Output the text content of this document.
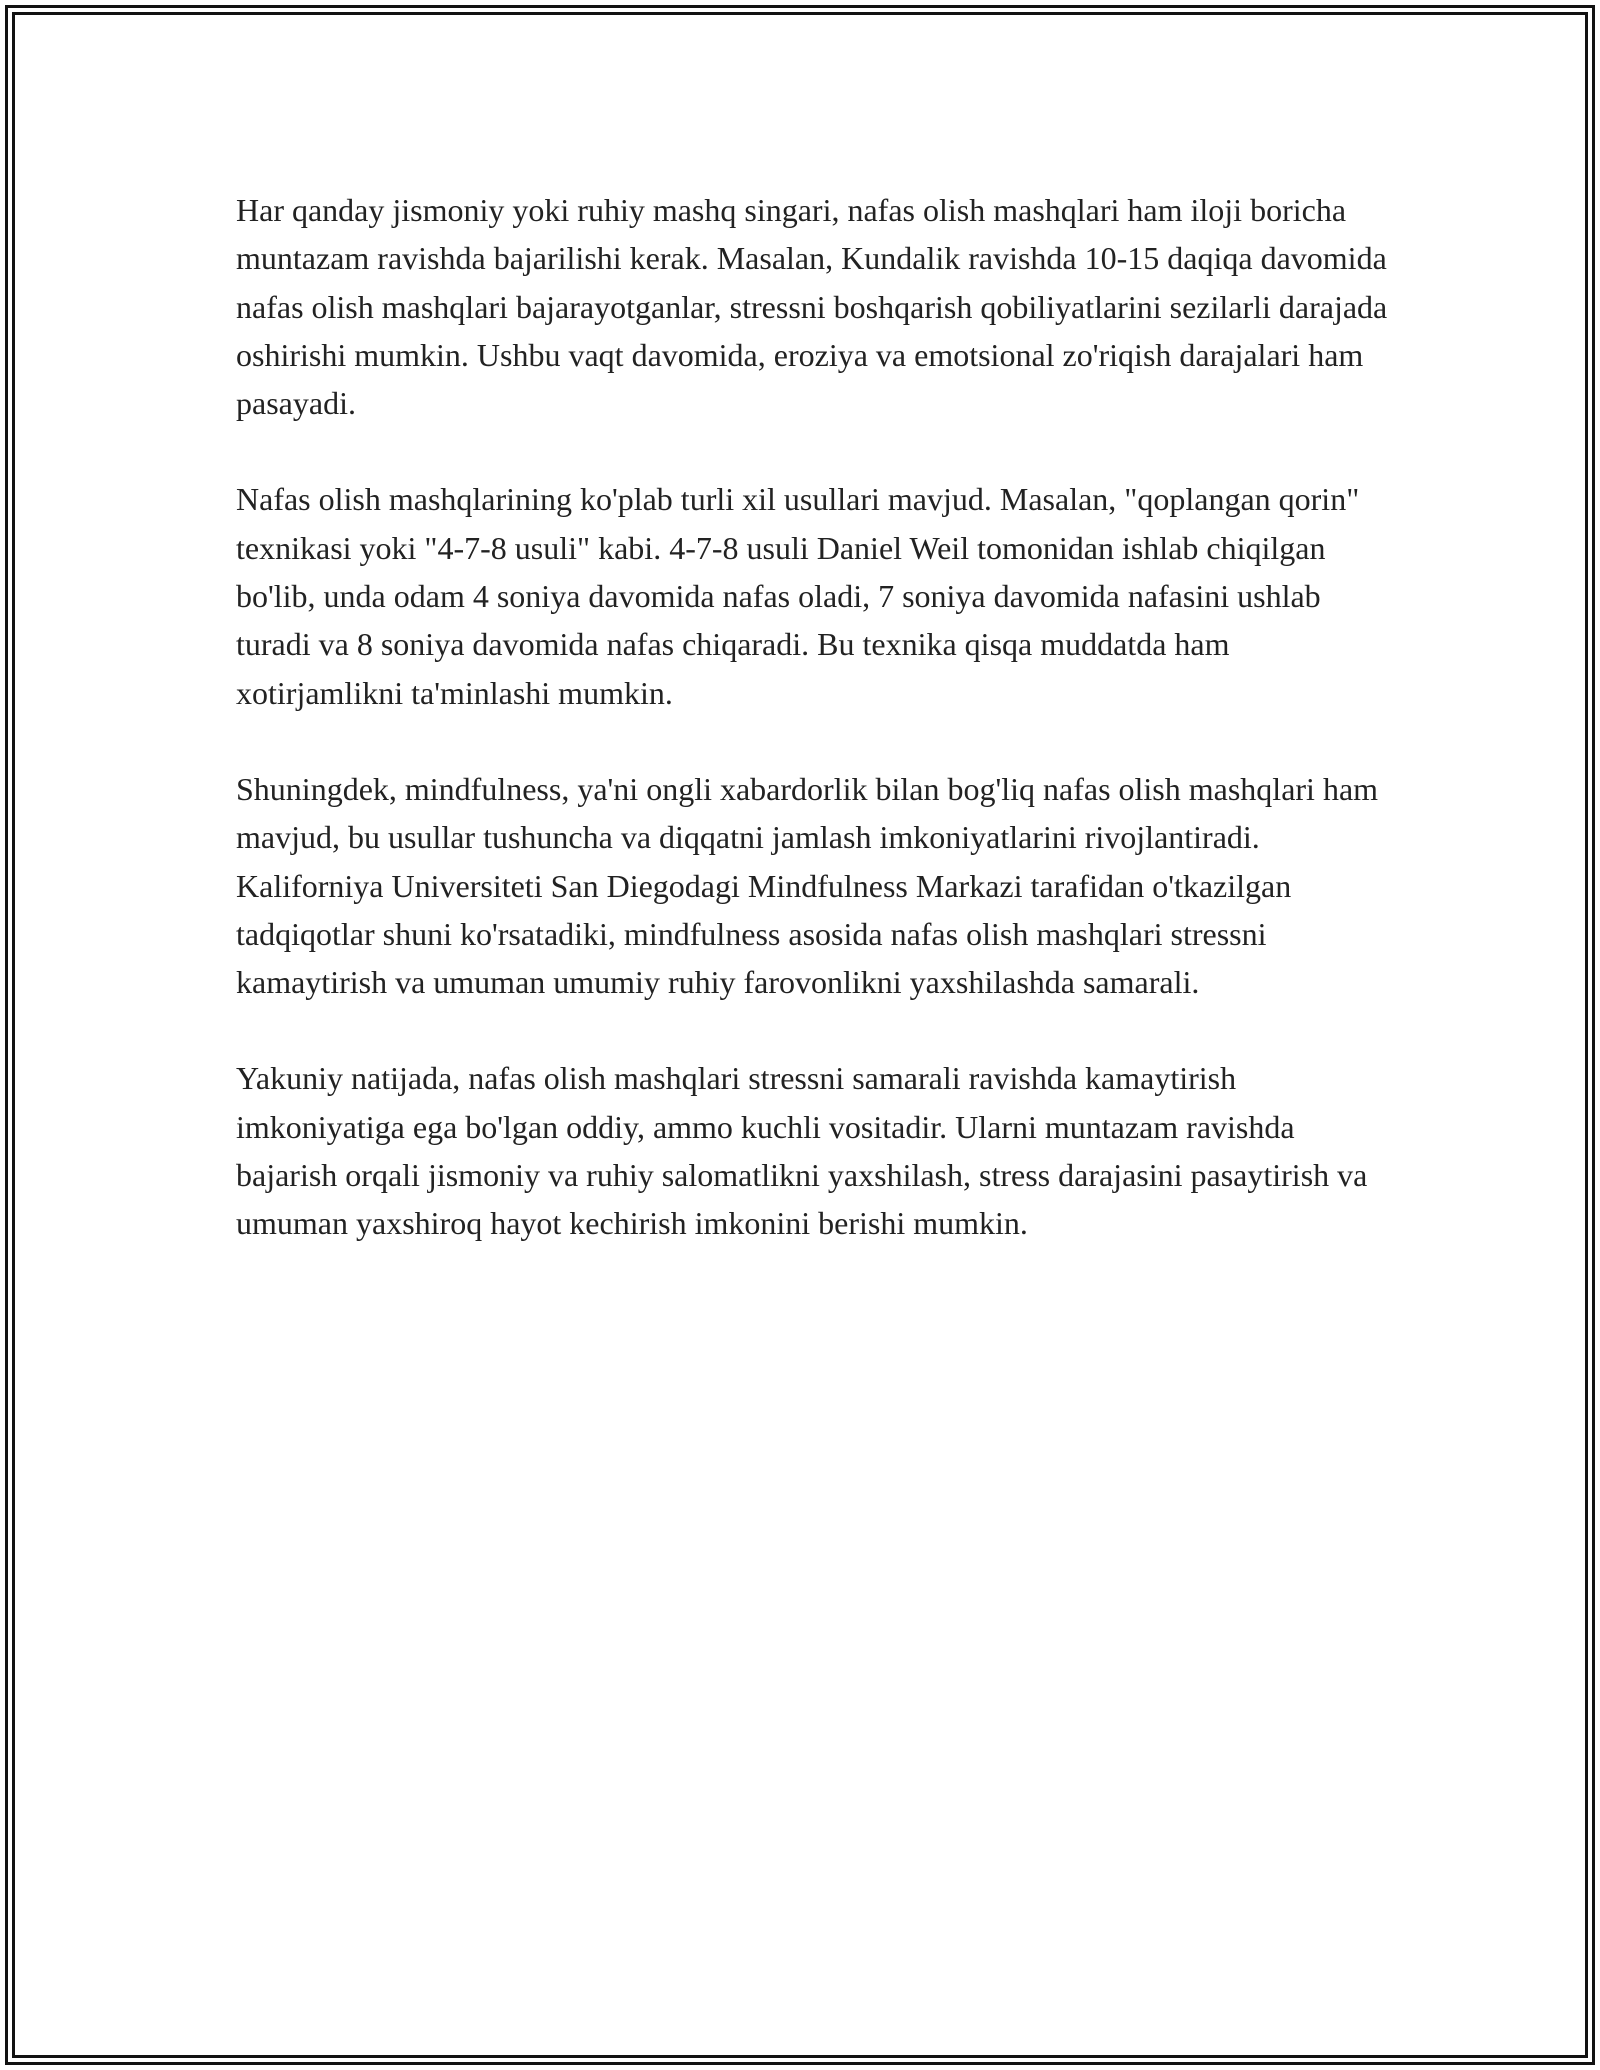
Har qanday jismoniy yoki ruhiy mashq singari, nafas olish mashqlari ham iloji boricha muntazam ravishda bajarilishi kerak. Masalan, Kundalik ravishda 10-15 daqiqa davomida nafas olish mashqlari bajarayotganlar, stressni boshqarish qobiliyatlarini sezilarli darajada oshirishi mumkin. Ushbu vaqt davomida, eroziya va emotsional zo'riqish darajalari ham pasayadi.

Nafas olish mashqlarining ko'plab turli xil usullari mavjud. Masalan, "qoplangan qorin" texnikasi yoki "4-7-8 usuli" kabi. 4-7-8 usuli Daniel Weil tomonidan ishlab chiqilgan bo'lib, unda odam 4 soniya davomida nafas oladi, 7 soniya davomida nafasini ushlab turadi va 8 soniya davomida nafas chiqaradi. Bu texnika qisqa muddatda ham xotirjamlikni ta'minlashi mumkin.

Shuningdek, mindfulness, ya'ni ongli xabardorlik bilan bog'liq nafas olish mashqlari ham mavjud, bu usullar tushuncha va diqqatni jamlash imkoniyatlarini rivojlantiradi. Kaliforniya Universiteti San Diegodagi Mindfulness Markazi tarafidan o'tkazilgan tadqiqotlar shuni ko'rsatadiki, mindfulness asosida nafas olish mashqlari stressni kamaytirish va umuman umumiy ruhiy farovonlikni yaxshilashda samarali.

Yakuniy natijada, nafas olish mashqlari stressni samarali ravishda kamaytirish imkoniyatiga ega bo'lgan oddiy, ammo kuchli vositadir. Ularni muntazam ravishda bajarish orqali jismoniy va ruhiy salomatlikni yaxshilash, stress darajasini pasaytirish va umuman yaxshiroq hayot kechirish imkonini berishi mumkin.
